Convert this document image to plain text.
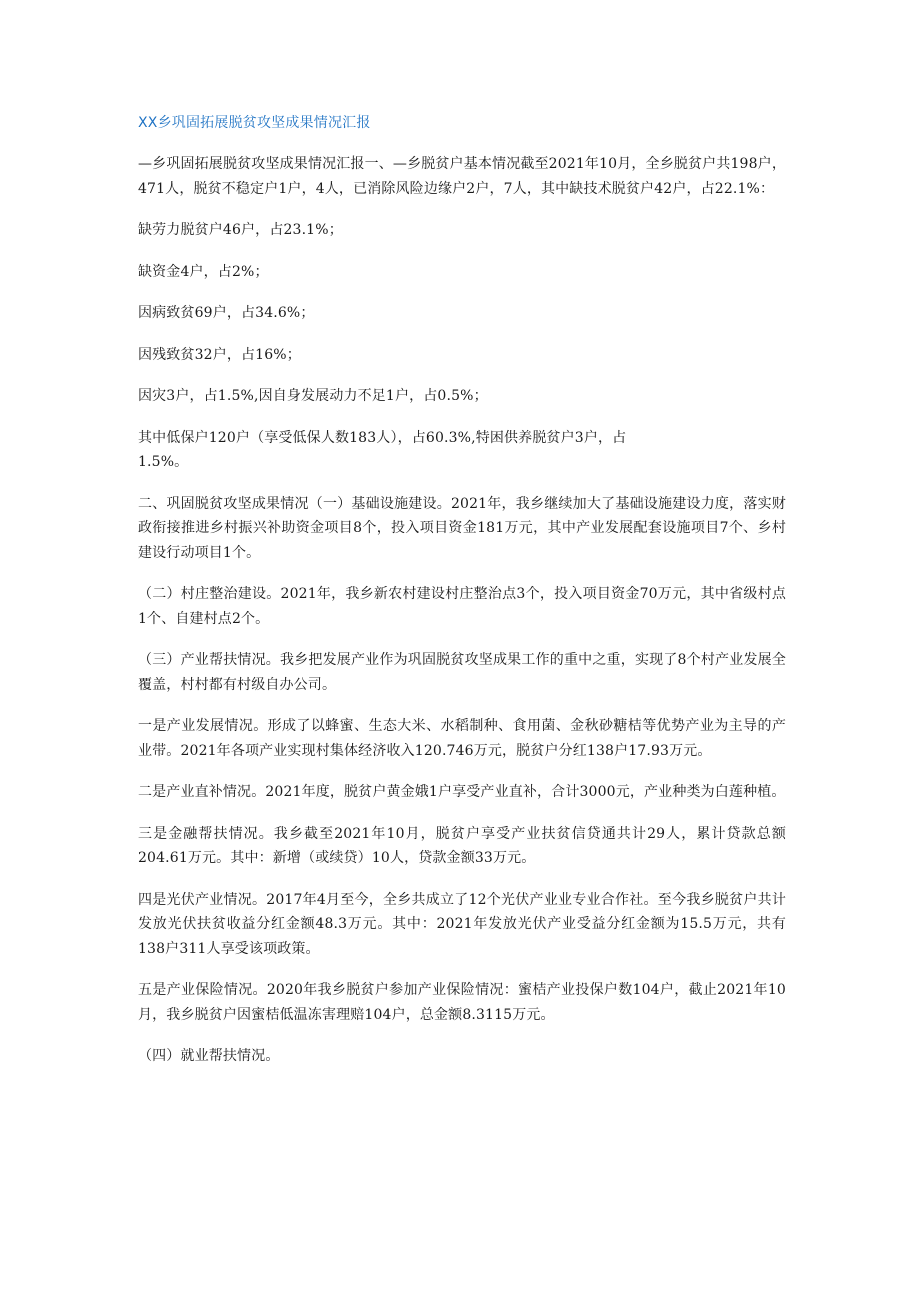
XX乡巩固拓展脱贫攻坚成果情况汇报

—乡巩固拓展脱贫攻坚成果情况汇报一、—乡脱贫户基本情况截至2021年10月，全乡脱贫户共198户，471人，脱贫不稳定户1户，4人，已消除风险边缘户2户，7人，其中缺技术脱贫户42户，占22.1%：

缺劳力脱贫户46户，占23.1%；

缺资金4户，占2%；

因病致贫69户，占34.6%；

因残致贫32户，占16%；

因灾3户，占1.5%,因自身发展动力不足1户，占0.5%；

其中低保户120户（享受低保人数183人），占60.3%,特困供养脱贫户3户，占
1.5%。

二、巩固脱贫攻坚成果情况（一）基础设施建设。2021年，我乡继续加大了基础设施建设力度，落实财政衔接推进乡村振兴补助资金项目8个，投入项目资金181万元，其中产业发展配套设施项目7个、乡村建设行动项目1个。

（二）村庄整治建设。2021年，我乡新农村建设村庄整治点3个，投入项目资金70万元，其中省级村点1个、自建村点2个。

（三）产业帮扶情况。我乡把发展产业作为巩固脱贫攻坚成果工作的重中之重，实现了8个村产业发展全覆盖，村村都有村级自办公司。

一是产业发展情况。形成了以蜂蜜、生态大米、水稻制种、食用菌、金秋砂糖桔等优势产业为主导的产业带。2021年各项产业实现村集体经济收入120.746万元，脱贫户分红138户17.93万元。

二是产业直补情况。2021年度，脱贫户黄金娥1户享受产业直补，合计3000元，产业种类为白莲种植。

三是金融帮扶情况。我乡截至2021年10月，脱贫户享受产业扶贫信贷通共计29人，累计贷款总额204.61万元。其中：新增（或续贷）10人，贷款金额33万元。

四是光伏产业情况。2017年4月至今，全乡共成立了12个光伏产业业专业合作社。至今我乡脱贫户共计发放光伏扶贫收益分红金额48.3万元。其中：2021年发放光伏产业受益分红金额为15.5万元，共有138户311人享受该项政策。

五是产业保险情况。2020年我乡脱贫户参加产业保险情况：蜜桔产业投保户数104户，截止2021年10月，我乡脱贫户因蜜桔低温冻害理赔104户，总金额8.3115万元。

（四）就业帮扶情况。
